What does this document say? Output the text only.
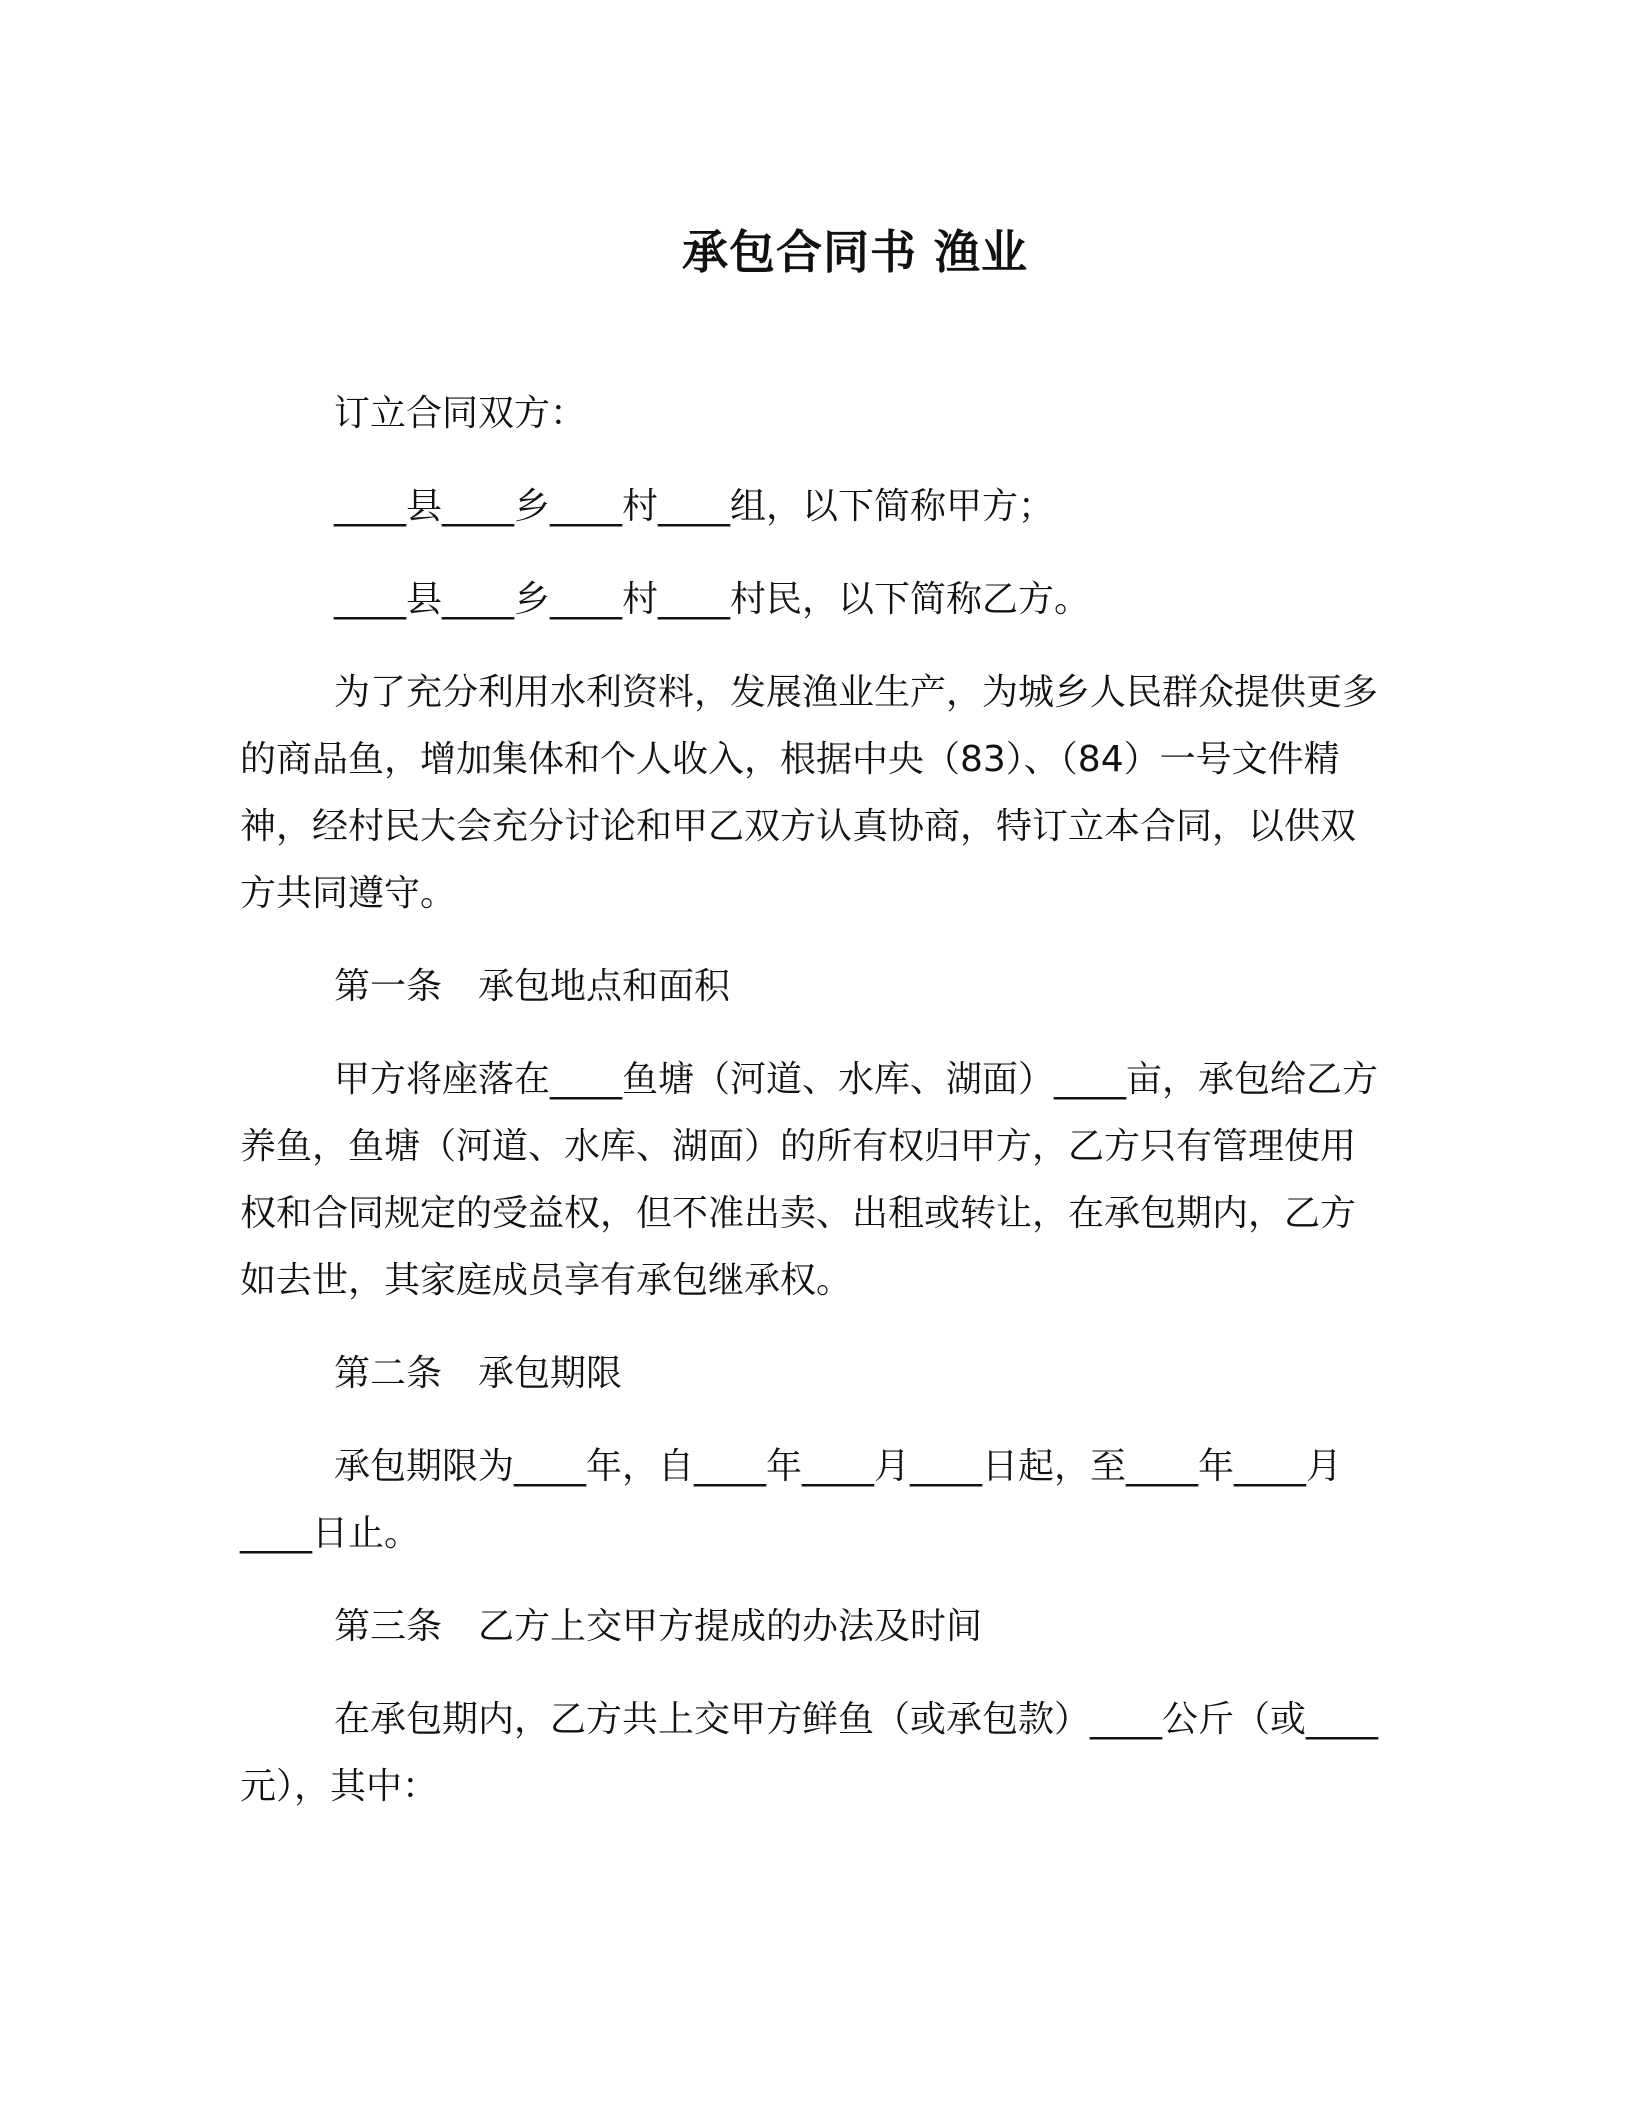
承包合同书 渔业

订立合同双方：

____县____乡____村____组，以下简称甲方；

____县____乡____村____村民，以下简称乙方。

为了充分利用水利资料，发展渔业生产，为城乡人民群众提供更多的商品鱼，增加集体和个人收入，根据中央（83）、（84）一号文件精神，经村民大会充分讨论和甲乙双方认真协商，特订立本合同，以供双方共同遵守。

第一条　承包地点和面积

甲方将座落在____鱼塘（河道、水库、湖面）____亩，承包给乙方养鱼，鱼塘（河道、水库、湖面）的所有权归甲方，乙方只有管理使用权和合同规定的受益权，但不准出卖、出租或转让，在承包期内，乙方如去世，其家庭成员享有承包继承权。

第二条　承包期限

承包期限为____年，自____年____月____日起，至____年____月____日止。

第三条　乙方上交甲方提成的办法及时间

在承包期内，乙方共上交甲方鲜鱼（或承包款）____公斤（或____元），其中：
